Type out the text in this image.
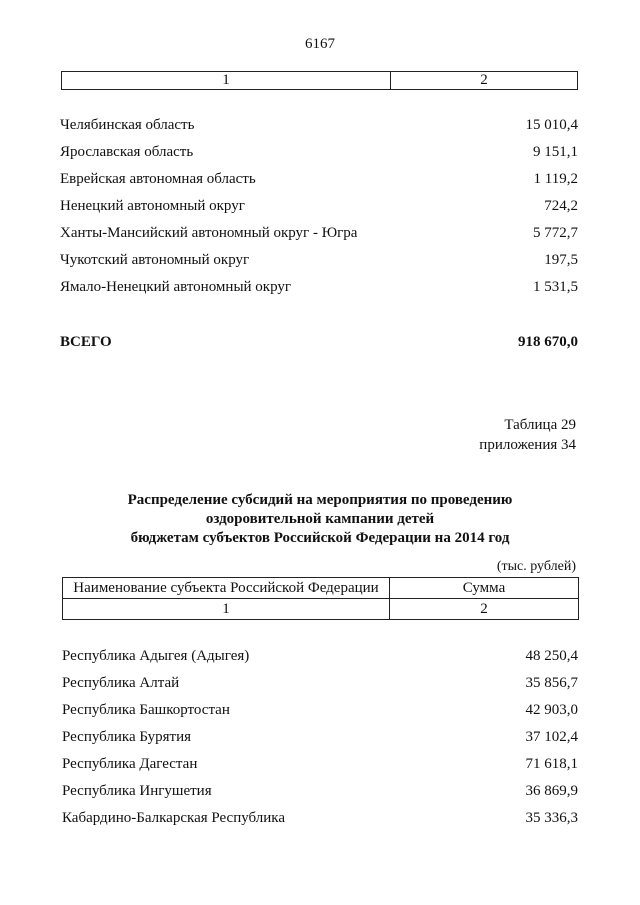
6167
1	2
Челябинская область	15 010,4
Ярославская область	9 151,1
Еврейская автономная область	1 119,2
Ненецкий автономный округ	724,2
Ханты-Мансийский автономный округ - Югра	5 772,7
Чукотский автономный округ	197,5
Ямало-Ненецкий автономный округ	1 531,5
ВСЕГО	918 670,0
Таблица 29
приложения 34
Распределение субсидий на мероприятия по проведению
оздоровительной кампании детей
бюджетам субъектов Российской Федерации на 2014 год
(тыс. рублей)
Наименование субъекта Российской Федерации	Сумма
1	2
Республика Адыгея (Адыгея)	48 250,4
Республика Алтай	35 856,7
Республика Башкортостан	42 903,0
Республика Бурятия	37 102,4
Республика Дагестан	71 618,1
Республика Ингушетия	36 869,9
Кабардино-Балкарская Республика	35 336,3
